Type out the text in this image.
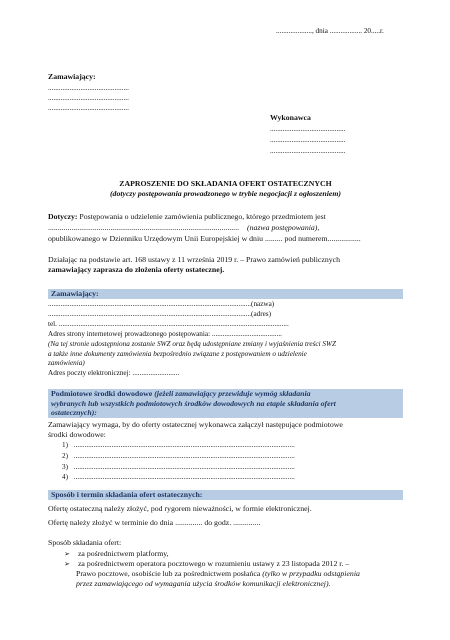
...................., dnia .................. 20.....r.
Zamawiający:
.............................................
.............................................
.............................................
Wykonawca
..........................................
..........................................
..........................................
ZAPROSZENIE DO SKŁADANIA OFERT OSTATECZNYCH
(dotyczy postępowania prowadzonego w trybie negocjacji z ogłoszeniem)
Dotyczy: Postępowania o udzielenie zamówienia publicznego, którego przedmiotem jest
.................................................................................................. (nazwa postępowania),
opublikowanego w Dzienniku Urzędowym Unii Europejskiej w dniu ......... pod numerem.................
Działając na podstawie art. 168 ustawy z 11 września 2019 r. – Prawo zamówień publicznych
zamawiający zaprasza do złożenia oferty ostatecznej.
Zamawiający:
.................................................................................................................(nazwa)
.................................................................................................................(adres)
tel. ................................................................................................................................
Adres strony internetowej prowadzonego postępowania: .......................................
(Na tej stronie udostępniona zostanie SWZ oraz będą udostępniane zmiany i wyjaśnienia treści SWZ
a także inne dokumenty zamówienia bezpośrednio związane z postępowaniem o udzielenie
zamówienia)
Adres poczty elektronicznej: ..........................
Podmiotowe środki dowodowe (jeżeli zamawiający przewiduje wymóg składania
wybranych lub wszystkich podmiotowych środków dowodowych na etapie składania ofert
ostatecznych):
Zamawiający wymaga, by do oferty ostatecznej wykonawca załączył następujące podmiotowe
środki dowodowe:
1) ...........................................................................................................................
2) ...........................................................................................................................
3) ...........................................................................................................................
4) ...........................................................................................................................
Sposób i termin składania ofert ostatecznych:
Ofertę ostateczną należy złożyć, pod rygorem nieważności, w formie elektronicznej.
Ofertę należy złożyć w terminie do dnia .............. do godz. ..............
Sposób składania ofert:
➢ za pośrednictwem platformy,
➢ za pośrednictwem operatora pocztowego w rozumieniu ustawy z 23 listopada 2012 r. –
Prawo pocztowe, osobiście lub za pośrednictwem posłańca (tylko w przypadku odstąpienia
przez zamawiającego od wymagania użycia środków komunikacji elektronicznej).
